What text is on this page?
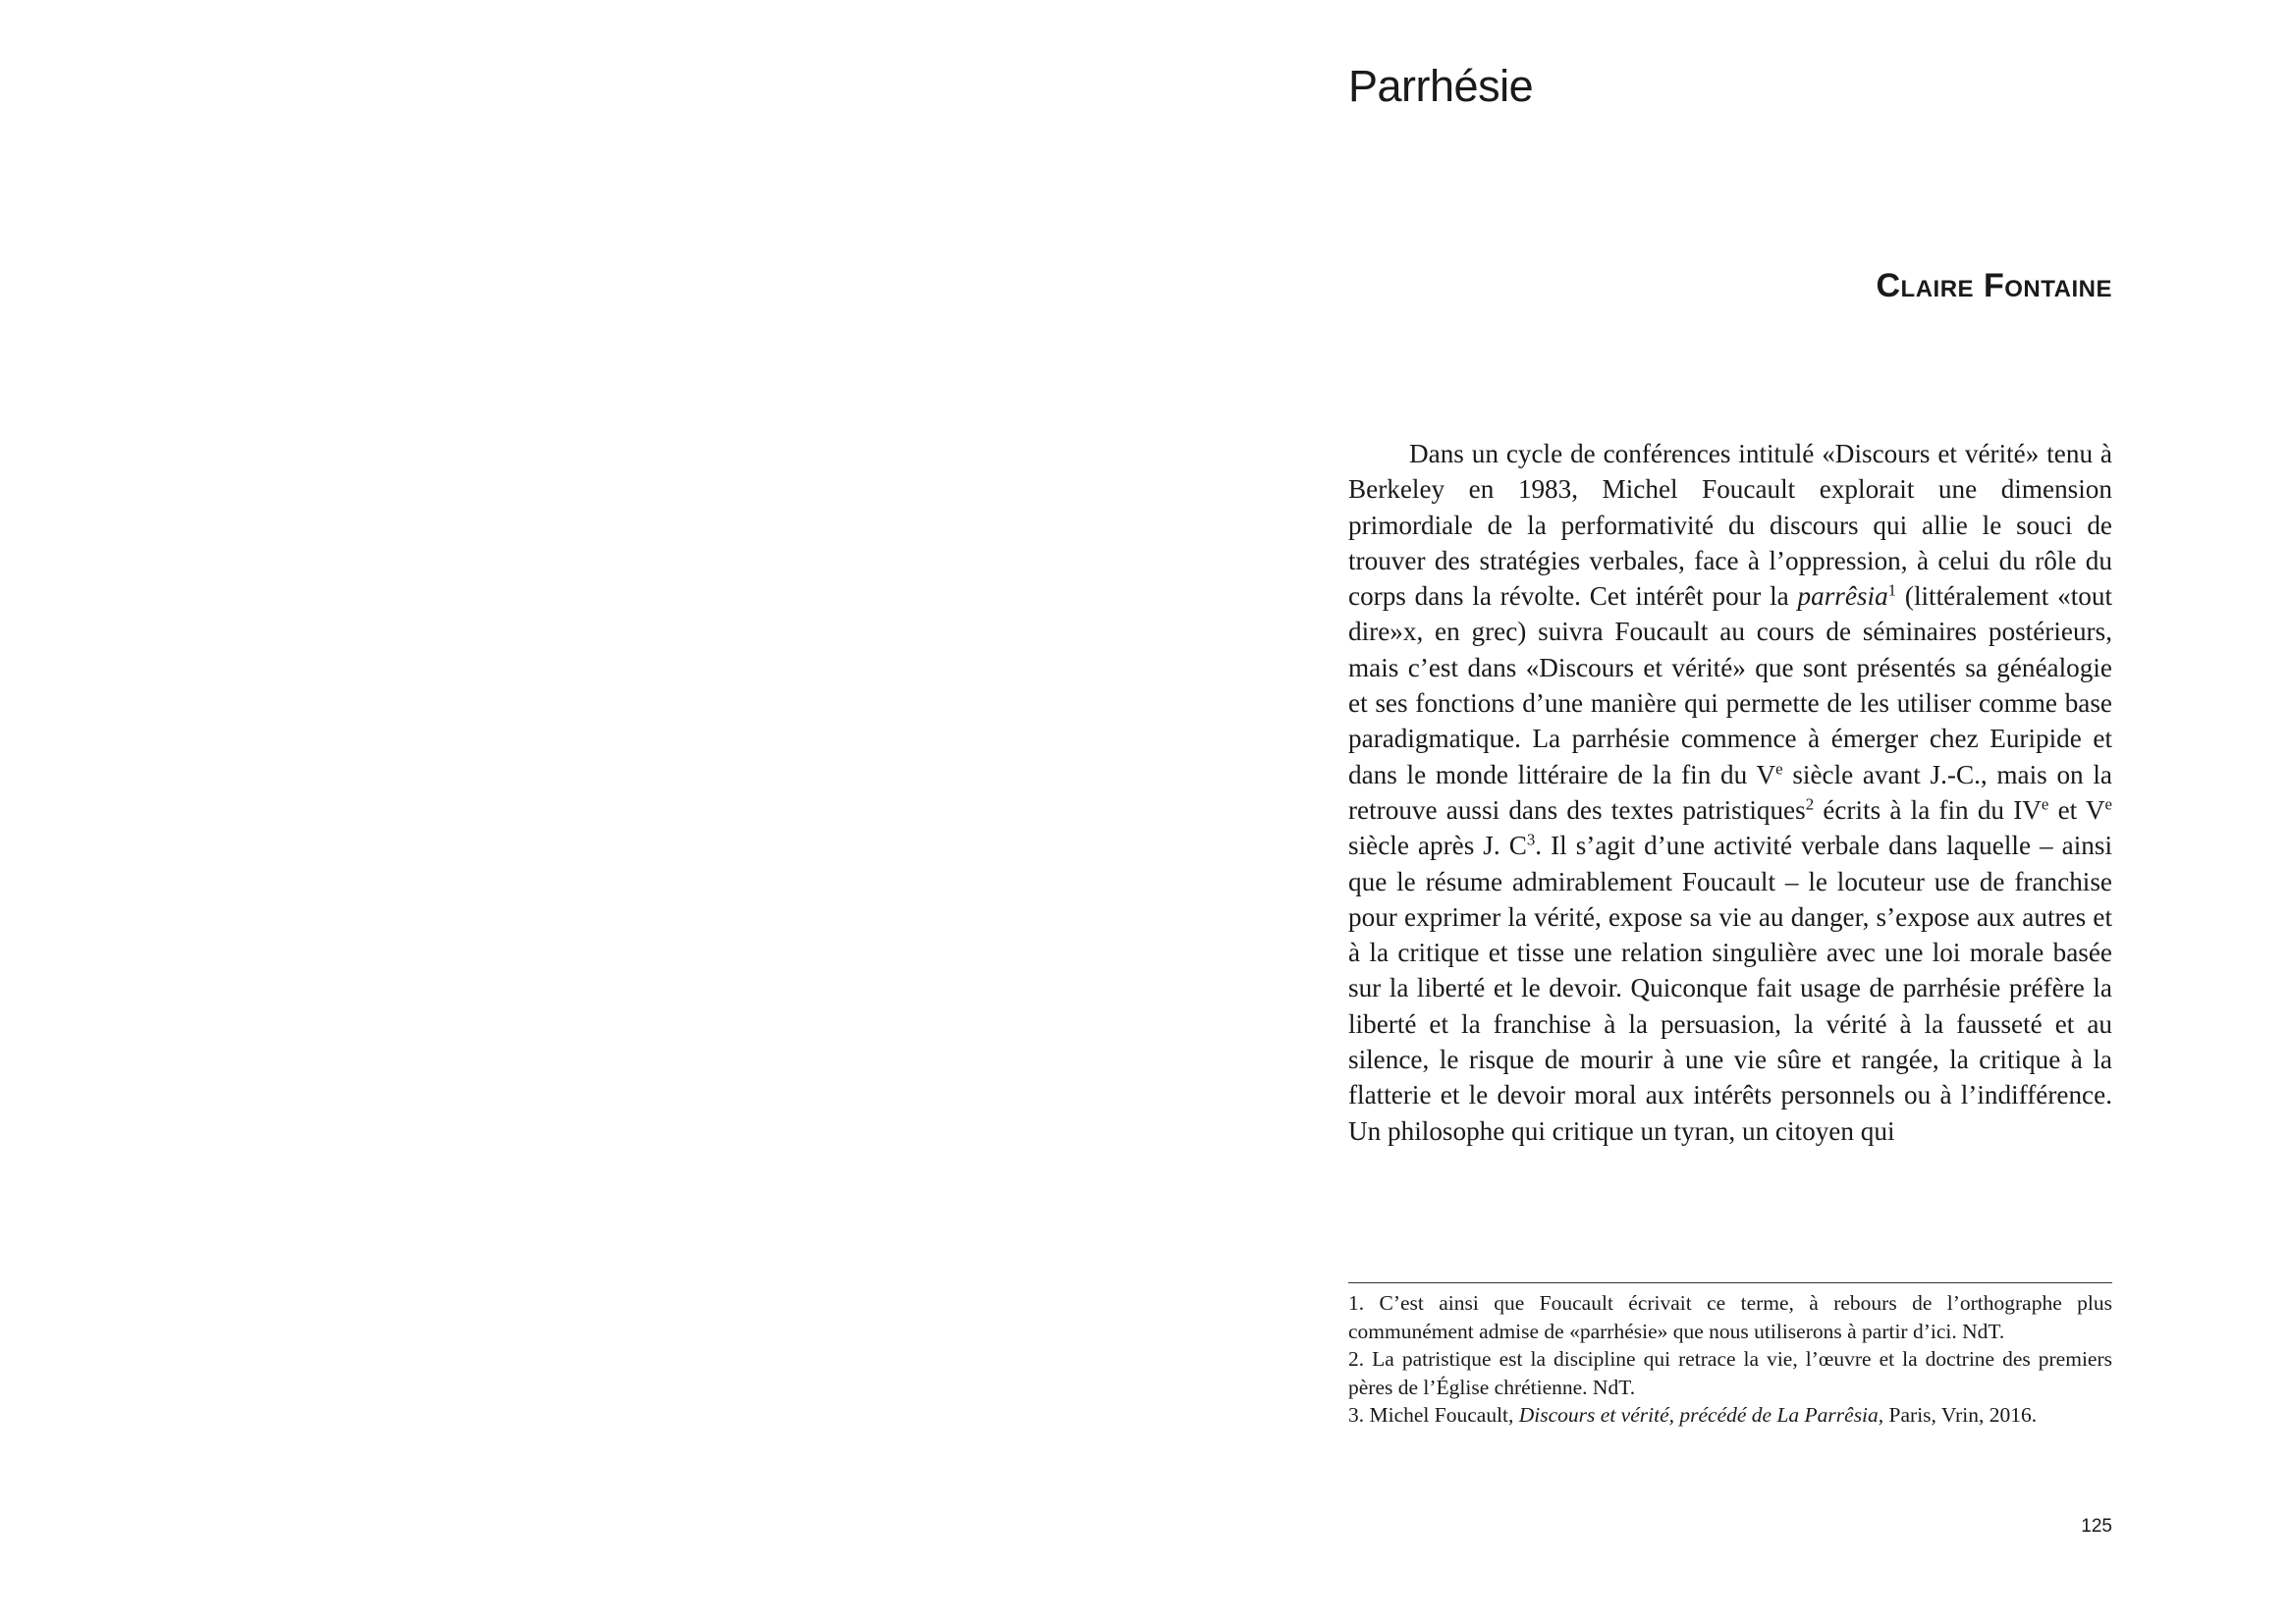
Parrhésie
Claire Fontaine

Dans un cycle de conférences intitulé «Discours et vérité» tenu à Berkeley en 1983, Michel Foucault explorait une dimension primordiale de la performativité du discours qui allie le souci de trouver des stratégies verbales, face à l’oppression, à celui du rôle du corps dans la révolte. Cet intérêt pour la parrêsia$^1$ (littéralement «tout dire»x, en grec) suivra Foucault au cours de séminaires postérieurs, mais c’est dans «Discours et vérité» que sont présentés sa généalogie et ses fonctions d’une manière qui permette de les utiliser comme base paradigmatique. La parrhésie commence à émerger chez Euripide et dans le monde littéraire de la fin du Ve siècle avant J.-C., mais on la retrouve aussi dans des textes patristiques$^2$ écrits à la fin du IVe et Ve siècle après J. $C^3$. Il s’agit d’une activité verbale dans laquelle – ainsi que le résume admirablement Foucault – le locuteur use de franchise pour exprimer la vérité, expose sa vie au danger, s’expose aux autres et à la critique et tisse une relation singulière avec une loi morale basée sur la liberté et le devoir. Quiconque fait usage de parrhésie préfère la liberté et la franchise à la persuasion, la vérité à la fausseté et au silence, le risque de mourir à une vie sûre et rangée, la critique à la flatterie et le devoir moral aux intérêts personnels ou à l’indifférence. Un philosophe qui critique un tyran, un citoyen qui

1. C’est ainsi que Foucault écrivait ce terme, à rebours de l’orthographe plus communément admise de «parrhésie» que nous utiliserons à partir d’ici. NdT.
2. La patristique est la discipline qui retrace la vie, l’œuvre et la doctrine des premiers pères de l’Église chrétienne. NdT.
3. Michel Foucault, Discours et vérité, précédé de La Parrêsia, Paris, Vrin, 2016.
125
